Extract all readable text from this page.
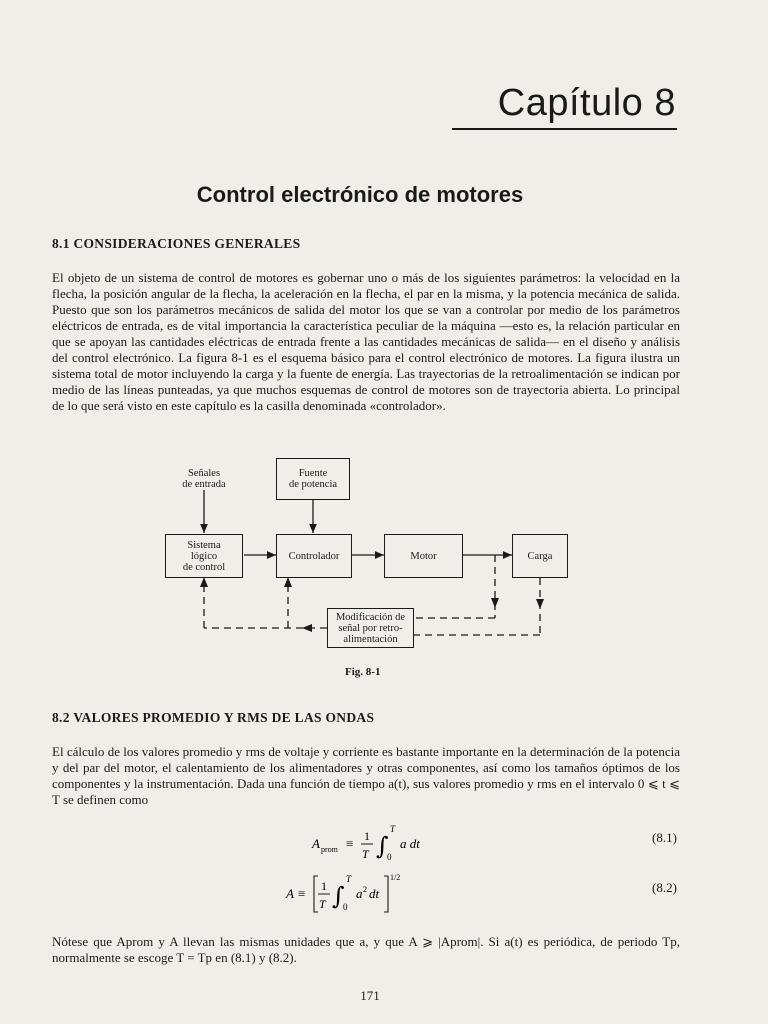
Capítulo 8
Control electrónico de motores
8.1 CONSIDERACIONES GENERALES

El objeto de un sistema de control de motores es gobernar uno o más de los siguientes parámetros: la velocidad en la flecha, la posición angular de la flecha, la aceleración en la flecha, el par en la misma, y la potencia mecánica de salida. Puesto que son los parámetros mecánicos de salida del motor los que se van a controlar por medio de los parámetros eléctricos de entrada, es de vital importancia la característica peculiar de la máquina —esto es, la relación particular en que se apoyan las cantidades eléctricas de entrada frente a las cantidades mecánicas de salida— en el diseño y análisis del control electrónico. La figura 8-1 es el esquema básico para el control electrónico de motores. La figura ilustra un sistema total de motor incluyendo la carga y la fuente de energía. Las trayectorias de la retroalimentación se indican por medio de las líneas punteadas, ya que muchos esquemas de control de motores son de trayectoria abierta. Lo principal de lo que será visto en este capítulo es la casilla denominada «controlador».

Señales
de entrada
Fuente
de potencia
Sistema
lógico
de control
Controlador	Motor	Carga
Modificación de
señal por retro-
alimentación
Fig. 8-1
8.2 VALORES PROMEDIO Y RMS DE LAS ONDAS

El cálculo de los valores promedio y rms de voltaje y corriente es bastante importante en la determinación de la potencia y del par del motor, el calentamiento de los alimentadores y otras componentes, así como los tamaños óptimos de los componentes y la instrumentación. Dada una función de tiempo a(t), sus valores promedio y rms en el intervalo 0 ⩽ t ⩽ T se definen como

A prom ≡ 1
T ∫
T
0
a dt	(8.1)
A ≡ 1
T ∫
T
0
a 2 dt
1/2
(8.2)

Nótese que Aprom y A llevan las mismas unidades que a, y que A ⩾ |Aprom|. Si a(t) es periódica, de periodo Tp, normalmente se escoge T = Tp en (8.1) y (8.2).

171
